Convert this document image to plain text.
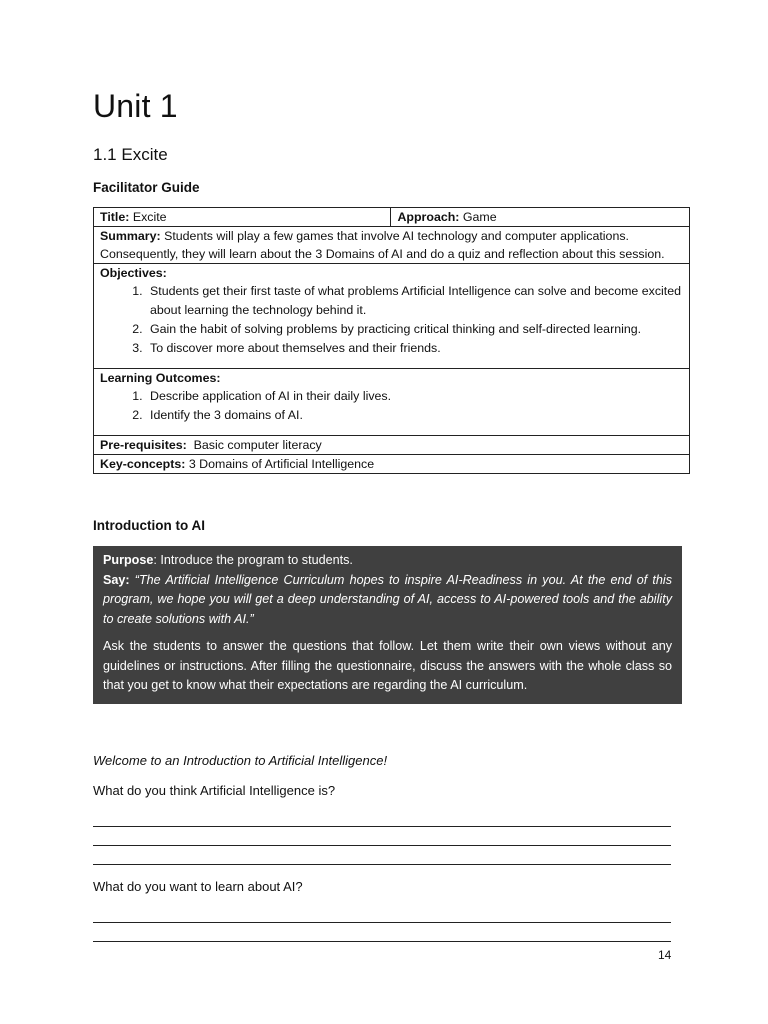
Unit 1
1.1 Excite
Facilitator Guide
Title: Excite	Approach: Game
Summary: Students will play a few games that involve AI technology and computer applications. Consequently, they will learn about the 3 Domains of AI and do a quiz and reflection about this session.
Objectives:
1. Students get their first taste of what problems Artificial Intelligence can solve and become excited about learning the technology behind it.
2. Gain the habit of solving problems by practicing critical thinking and self-directed learning.
3. To discover more about themselves and their friends.

Learning Outcomes:
1. Describe application of AI in their daily lives.
2. Identify the 3 domains of AI.

Pre-requisites: Basic computer literacy
Key-concepts: 3 Domains of Artificial Intelligence
Introduction to AI

Purpose: Introduce the program to students.

Say: “The Artificial Intelligence Curriculum hopes to inspire AI-Readiness in you. At the end of this program, we hope you will get a deep understanding of AI, access to AI-powered tools and the ability to create solutions with AI.”

Ask the students to answer the questions that follow. Let them write their own views without any guidelines or instructions. After filling the questionnaire, discuss the answers with the whole class so that you get to know what their expectations are regarding the AI curriculum.

Welcome to an Introduction to Artificial Intelligence!

What do you think Artificial Intelligence is?

What do you want to learn about AI?

14
